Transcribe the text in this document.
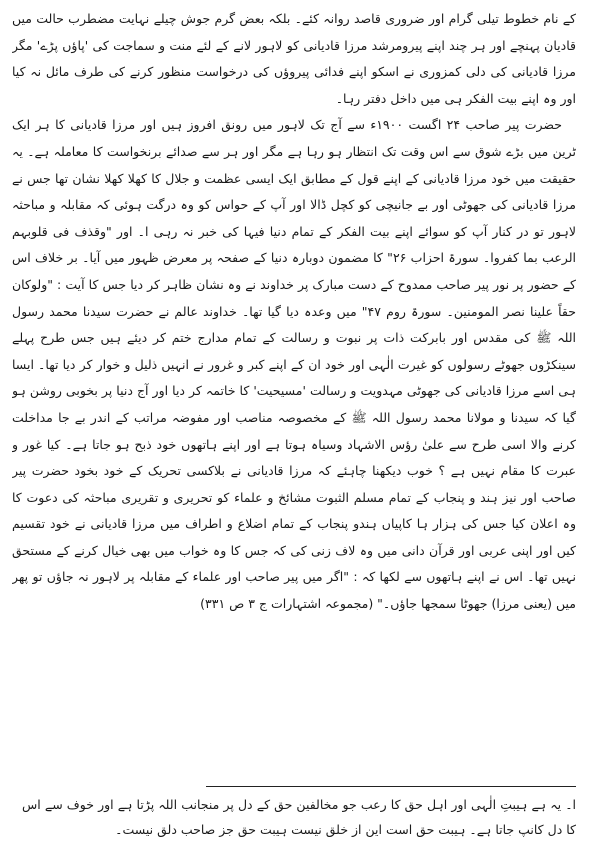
کے نام خطوط تیلی گرام اور ضروری قاصد روانہ کئے۔ بلکہ بعض گرم جوش چیلے نہایت مضطرب حالت میں قادیان پہنچے اور ہر چند اپنے پیرومرشد مرزا قادیانی کو لاہور لانے کے لئے منت و سماجت کی 'پاؤں پڑے' مگر مرزا قادیانی کی دلی کمزوری نے اسکو اپنے فدائی پیروؤں کی درخواست منظور کرنے کی طرف مائل نہ کیا اور وہ اپنے بیت الفکر ہی میں داخل دفتر رہا۔

حضرت پیر صاحب ۲۴ اگست ۱۹۰۰ء سے آج تک لاہور میں رونق افروز ہیں اور مرزا قادیانی کا ہر ایک ٹرین میں بڑے شوق سے اس وقت تک انتظار ہو رہا ہے مگر اور ہر سے صدائے برنخواست کا معاملہ ہے۔ یہ حقیقت میں خود مرزا قادیانی کے اپنے قول کے مطابق ایک ایسی عظمت و جلال کا کھلا کھلا نشان تھا جس نے مرزا قادیانی کی جھوٹی اور بے جانیچی کو کچل ڈالا اور آپ کے حواس کو وہ درگت ہوئی کہ مقابلہ و مباحثہ لاہور تو در کنار آپ کو سوائے اپنے بیت الفکر کے تمام دنیا فیہا کی خبر نہ رہی ا۔ اور "وقذف فی قلوبہم الرعب بما کفروا۔ سورۃ احزاب ۲۶" کا مضمون دوبارہ دنیا کے صفحہ پر معرض ظہور میں آیا۔ بر خلاف اس کے حضور پر نور پیر صاحب ممدوح کے دست مبارک پر خداوند نے وہ نشان ظاہر کر دیا جس کا آیت : "ولوکان حقاً علینا نصر المومنین۔ سورۃ روم ۴۷" میں وعدہ دیا گیا تھا۔ خداوند عالم نے حضرت سیدنا محمد رسول اللہ ﷺ کی مقدس اور بابرکت ذات پر نبوت و رسالت کے تمام مدارج ختم کر دیئے ہیں جس طرح پہلے سینکڑوں جھوٹے رسولوں کو غیرت الٰہی اور خود ان کے اپنے کبر و غرور نے انہیں ذلیل و خوار کر دیا تھا۔ ایسا ہی اسے مرزا قادیانی کی جھوٹی مہدویت و رسالت 'مسیحیت' کا خاتمہ کر دیا اور آج دنیا پر بخوبی روشن ہو گیا کہ سیدنا و مولانا محمد رسول اللہ ﷺ کے مخصوصہ مناصب اور مفوضہ مراتب کے اندر بے جا مداخلت کرنے والا اسی طرح سے علیٰ رؤس الاشہاد وسیاہ ہوتا ہے اور اپنے ہاتھوں خود ذبح ہو جاتا ہے۔ کیا غور و عبرت کا مقام نہیں ہے ؟ خوب دیکھنا چاہئے کہ مرزا قادیانی نے بلاکسی تحریک کے خود بخود حضرت پیر صاحب اور نیز ہند و پنجاب کے تمام مسلم الثبوت مشائخ و علماء کو تحریری و تقریری مباحثہ کی دعوت کا وہ اعلان کیا جس کی ہزار ہا کاپیاں ہندو پنجاب کے تمام اضلاع و اطراف میں مرزا قادیانی نے خود تقسیم کیں اور اپنی عربی اور قرآن دانی میں وہ لاف زنی کی کہ جس کا وہ خواب میں بھی خیال کرنے کے مستحق نہیں تھا۔ اس نے اپنے ہاتھوں سے لکھا کہ : "اگر میں پیر صاحب اور علماء کے مقابلہ پر لاہور نہ جاؤں تو پھر میں (یعنی مرزا) جھوٹا سمجھا جاؤں۔" (مجموعہ اشتہارات ج ۳ ص ۳۳۱)

ا۔ یہ ہے ہیبتِ الٰہی اور اہل حق کا رعب جو مخالفین حق کے دل پر منجانب اللہ پڑتا ہے اور خوف سے اس کا دل کانپ جاتا ہے۔ ہیبت حق است این از خلق نیست ہیبت حق جز صاحب دلق نیست۔
